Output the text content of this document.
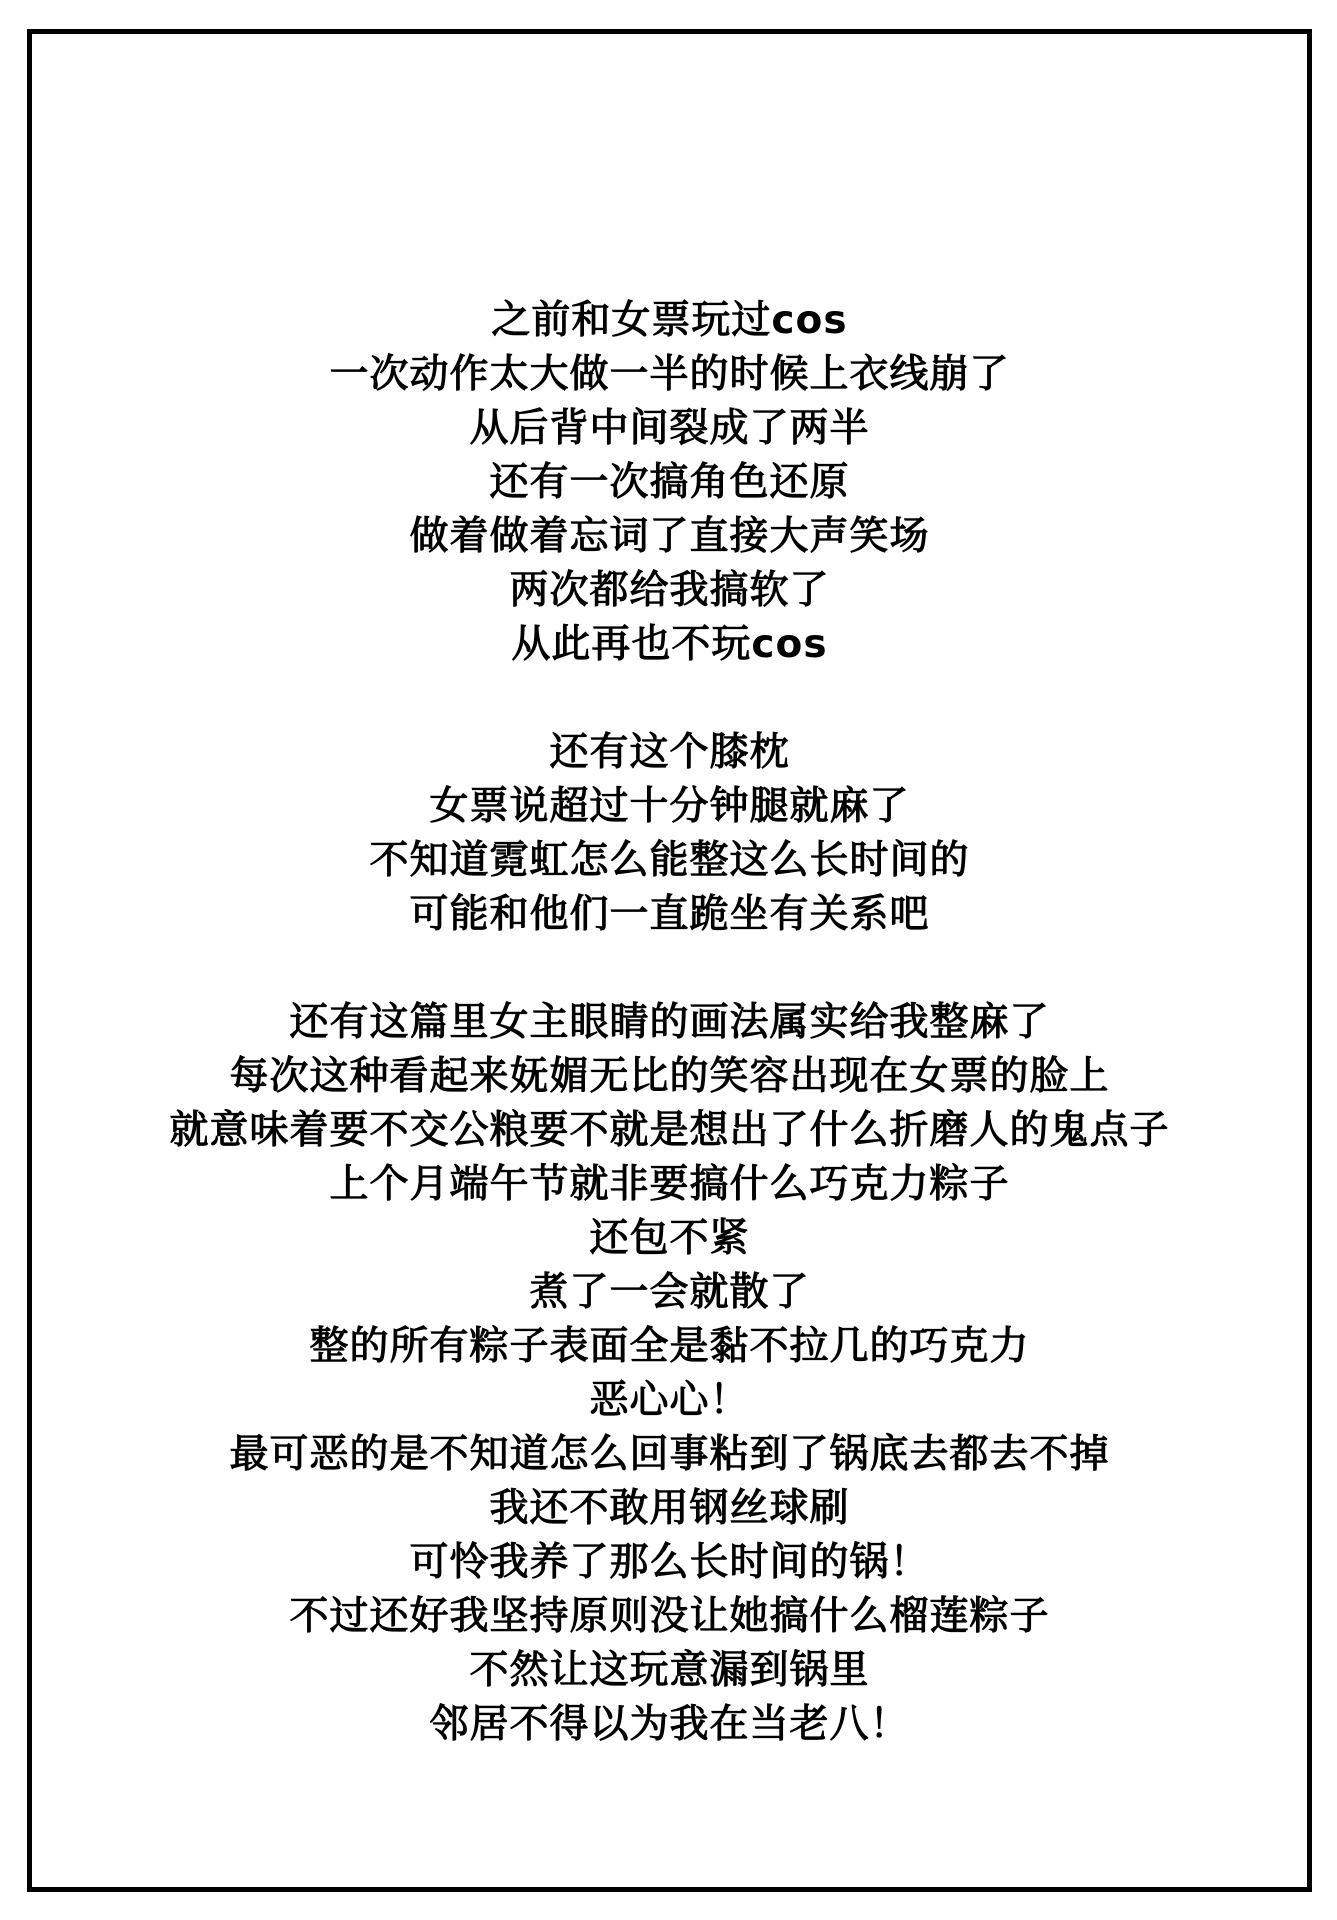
之前和女票玩过cos
一次动作太大做一半的时候上衣线崩了
从后背中间裂成了两半
还有一次搞角色还原
做着做着忘词了直接大声笑场
两次都给我搞软了
从此再也不玩cos
还有这个膝枕
女票说超过十分钟腿就麻了
不知道霓虹怎么能整这么长时间的
可能和他们一直跪坐有关系吧
还有这篇里女主眼睛的画法属实给我整麻了
每次这种看起来妩媚无比的笑容出现在女票的脸上
就意味着要不交公粮要不就是想出了什么折磨人的鬼点子
上个月端午节就非要搞什么巧克力粽子
还包不紧
煮了一会就散了
整的所有粽子表面全是黏不拉几的巧克力
恶心心！
最可恶的是不知道怎么回事粘到了锅底去都去不掉
我还不敢用钢丝球刷
可怜我养了那么长时间的锅！
不过还好我坚持原则没让她搞什么榴莲粽子
不然让这玩意漏到锅里
邻居不得以为我在当老八！
